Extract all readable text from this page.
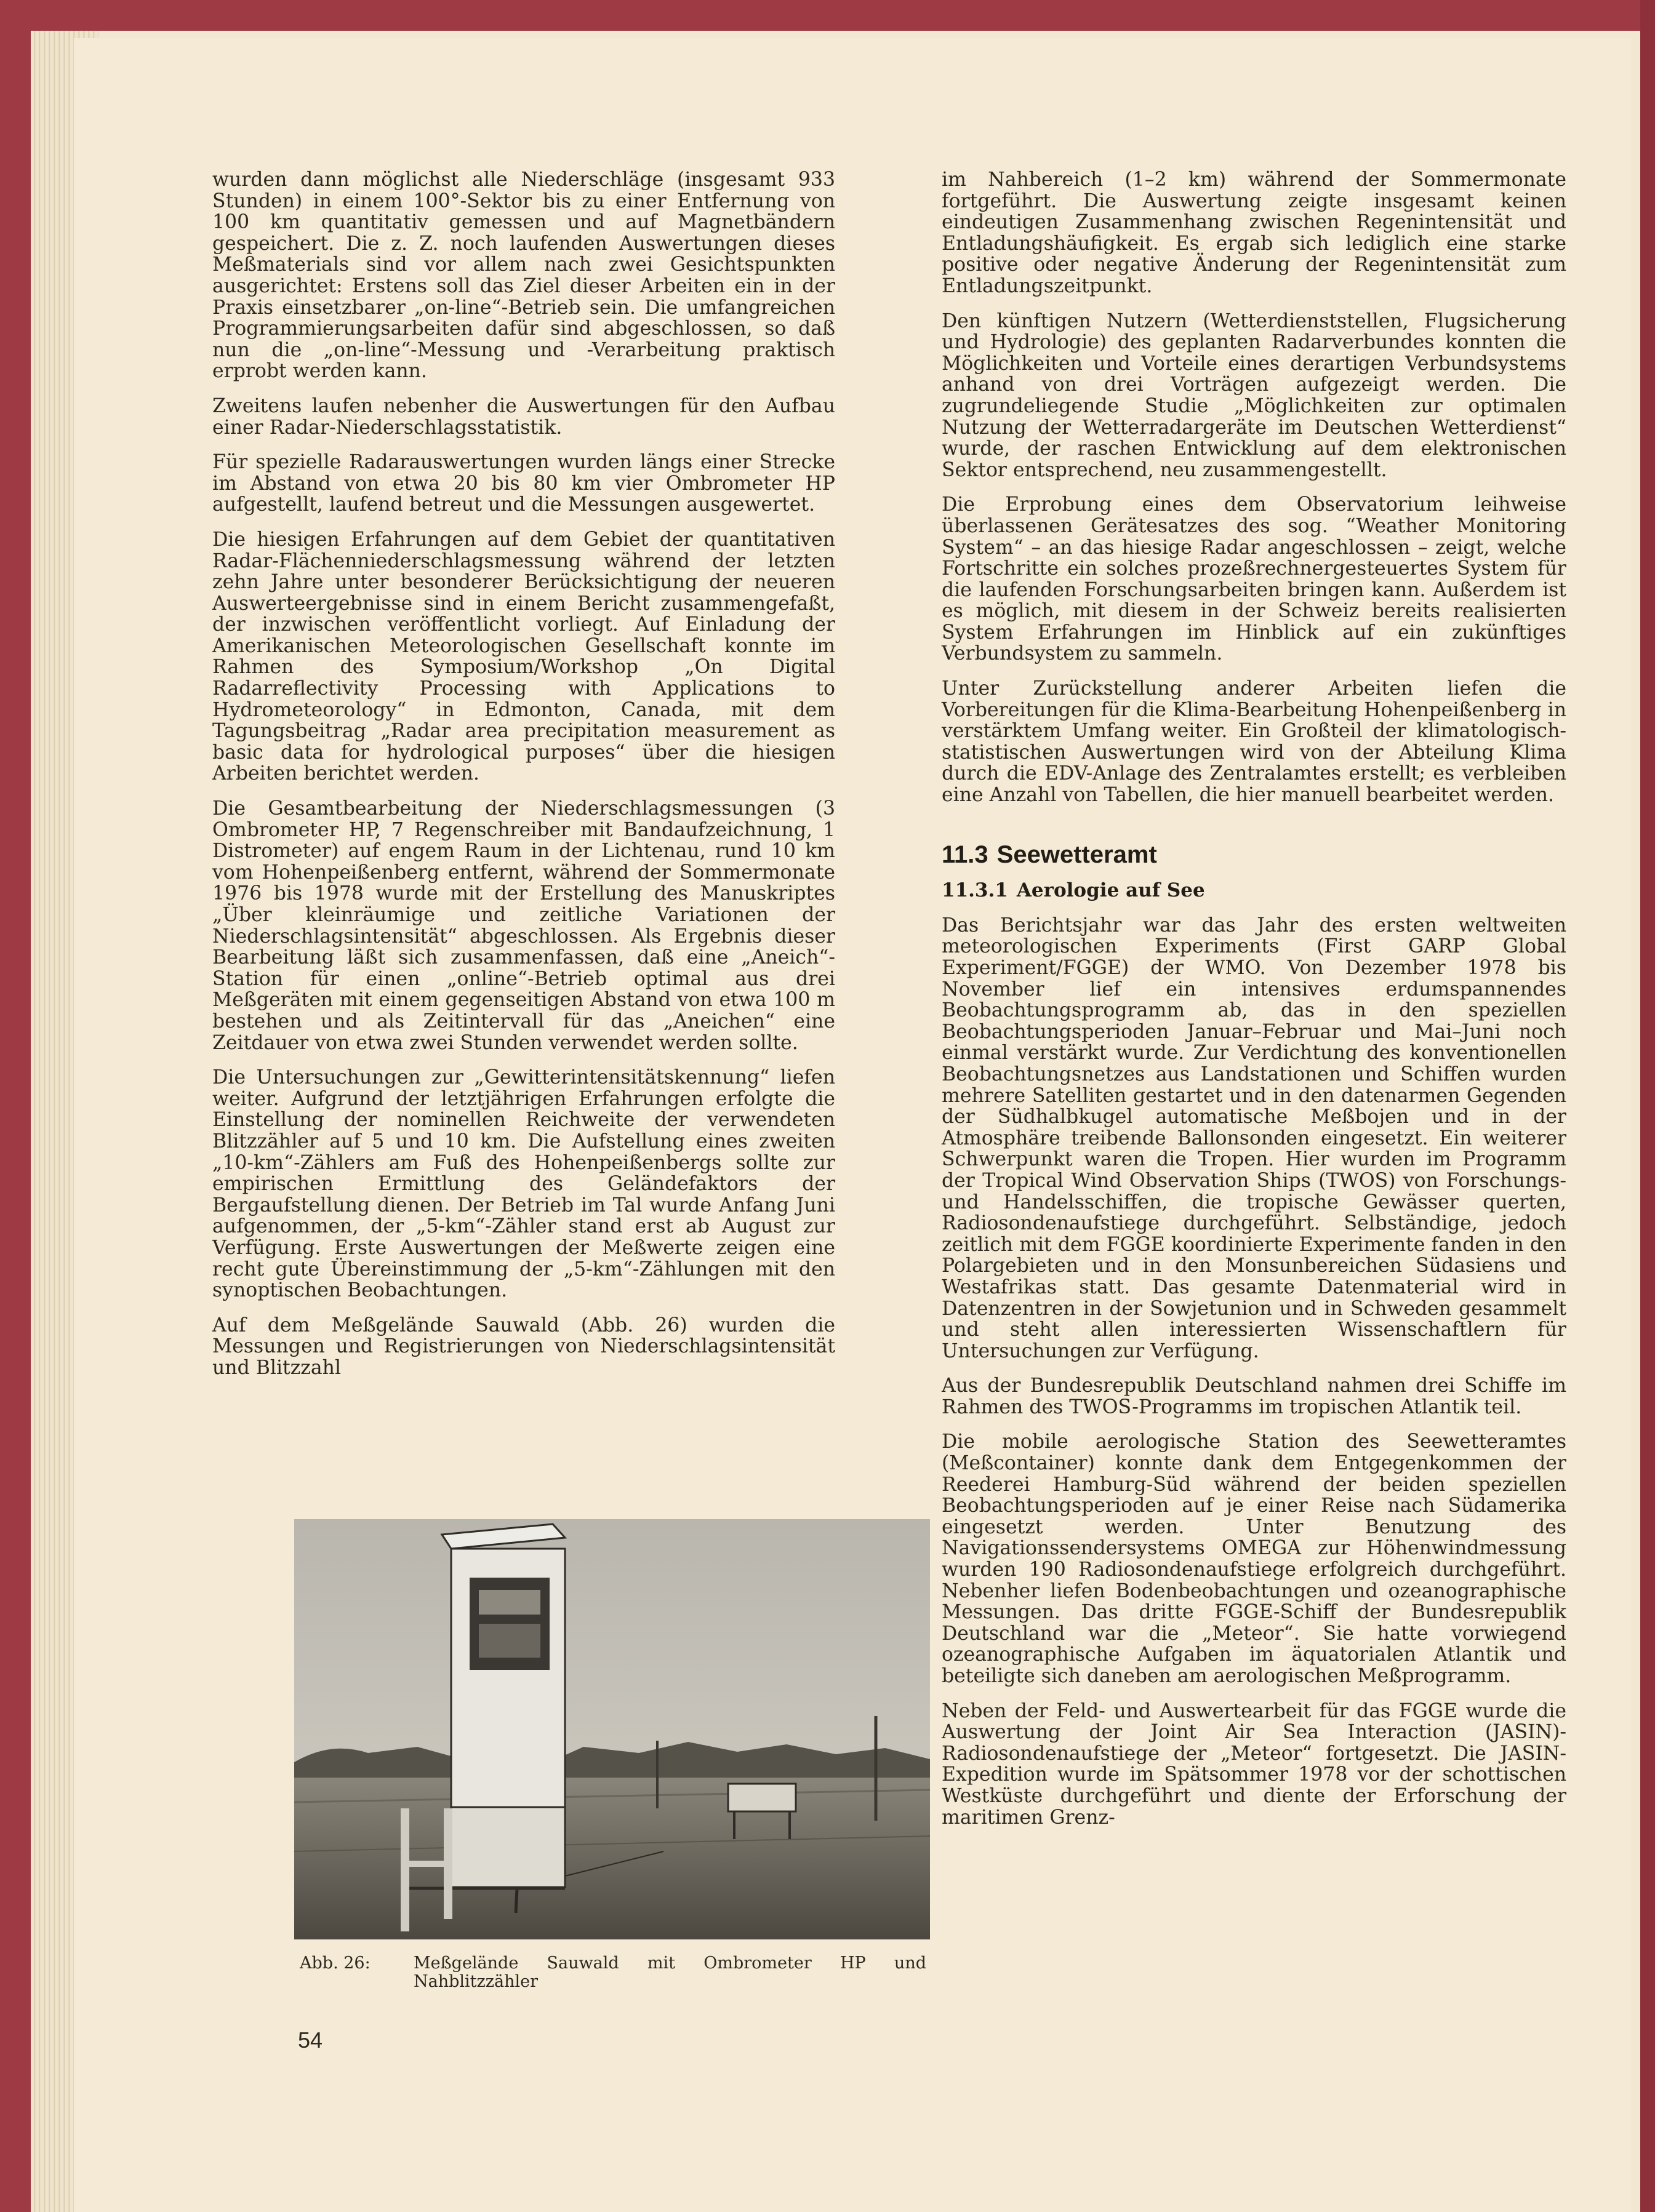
wurden dann möglichst alle Niederschläge (insgesamt 933 Stunden) in einem 100°-Sektor bis zu einer Entfernung von 100 km quantitativ gemessen und auf Magnetbändern gespeichert. Die z. Z. noch laufenden Auswertungen dieses Meßmaterials sind vor allem nach zwei Gesichtspunkten ausgerichtet: Erstens soll das Ziel dieser Arbeiten ein in der Praxis einsetzbarer „on-line“-Betrieb sein. Die umfangreichen Programmierungsarbeiten dafür sind abgeschlossen, so daß nun die „on-line“-Messung und -Verarbeitung praktisch erprobt werden kann.

Zweitens laufen nebenher die Auswertungen für den Aufbau einer Radar-Niederschlagsstatistik.

Für spezielle Radarauswertungen wurden längs einer Strecke im Abstand von etwa 20 bis 80 km vier Ombrometer HP aufgestellt, laufend betreut und die Messungen ausgewertet.

Die hiesigen Erfahrungen auf dem Gebiet der quantitativen Radar-Flächenniederschlagsmessung während der letzten zehn Jahre unter besonderer Berücksichtigung der neueren Auswerteergebnisse sind in einem Bericht zusammengefaßt, der inzwischen veröffentlicht vorliegt. Auf Einladung der Amerikanischen Meteorologischen Gesellschaft konnte im Rahmen des Symposium/Workshop „On Digital Radarreflectivity Processing with Applications to Hydrometeorology“ in Edmonton, Canada, mit dem Tagungsbeitrag „Radar area precipitation measurement as basic data for hydrological purposes“ über die hiesigen Arbeiten berichtet werden.

Die Gesamtbearbeitung der Niederschlagsmessungen (3 Ombrometer HP, 7 Regenschreiber mit Bandaufzeichnung, 1 Distrometer) auf engem Raum in der Lichtenau, rund 10 km vom Hohenpeißenberg entfernt, während der Sommermonate 1976 bis 1978 wurde mit der Erstellung des Manuskriptes „Über kleinräumige und zeitliche Variationen der Niederschlagsintensität“ abgeschlossen. Als Ergebnis dieser Bearbeitung läßt sich zusammenfassen, daß eine „Aneich“-Station für einen „online“-Betrieb optimal aus drei Meßgeräten mit einem gegenseitigen Abstand von etwa 100 m bestehen und als Zeitintervall für das „Aneichen“ eine Zeitdauer von etwa zwei Stunden verwendet werden sollte.

Die Untersuchungen zur „Gewitterintensitätskennung“ liefen weiter. Aufgrund der letztjährigen Erfahrungen erfolgte die Einstellung der nominellen Reichweite der verwendeten Blitzzähler auf 5 und 10 km. Die Aufstellung eines zweiten „10-km“-Zählers am Fuß des Hohenpeißenbergs sollte zur empirischen Ermittlung des Geländefaktors der Bergaufstellung dienen. Der Betrieb im Tal wurde Anfang Juni aufgenommen, der „5-km“-Zähler stand erst ab August zur Verfügung. Erste Auswertungen der Meßwerte zeigen eine recht gute Übereinstimmung der „5-km“-Zählungen mit den synoptischen Beobachtungen.

Auf dem Meßgelände Sauwald (Abb. 26) wurden die Messungen und Registrierungen von Niederschlagsintensität und Blitzzahl

Abb. 26:	Meßgelände Sauwald mit Ombrometer HP und Nahblitzzähler
54

im Nahbereich (1–2 km) während der Sommermonate fortgeführt. Die Auswertung zeigte insgesamt keinen eindeutigen Zusammenhang zwischen Regenintensität und Entladungshäufigkeit. Es ergab sich lediglich eine starke positive oder negative Änderung der Regenintensität zum Entladungszeitpunkt.

Den künftigen Nutzern (Wetterdienststellen, Flugsicherung und Hydrologie) des geplanten Radarverbundes konnten die Möglichkeiten und Vorteile eines derartigen Verbundsystems anhand von drei Vorträgen aufgezeigt werden. Die zugrundeliegende Studie „Möglichkeiten zur optimalen Nutzung der Wetterradargeräte im Deutschen Wetterdienst“ wurde, der raschen Entwicklung auf dem elektronischen Sektor entsprechend, neu zusammengestellt.

Die Erprobung eines dem Observatorium leihweise überlassenen Gerätesatzes des sog. “Weather Monitoring System“ – an das hiesige Radar angeschlossen – zeigt, welche Fortschritte ein solches prozeßrechnergesteuertes System für die laufenden Forschungsarbeiten bringen kann. Außerdem ist es möglich, mit diesem in der Schweiz bereits realisierten System Erfahrungen im Hinblick auf ein zukünftiges Verbundsystem zu sammeln.

Unter Zurückstellung anderer Arbeiten liefen die Vorbereitungen für die Klima-Bearbeitung Hohenpeißenberg in verstärktem Umfang weiter. Ein Großteil der klimatologisch-statistischen Auswertungen wird von der Abteilung Klima durch die EDV-Anlage des Zentralamtes erstellt; es verbleiben eine Anzahl von Tabellen, die hier manuell bearbeitet werden.

11.3 Seewetteramt
11.3.1 Aerologie auf See

Das Berichtsjahr war das Jahr des ersten weltweiten meteorologischen Experiments (First GARP Global Experiment/FGGE) der WMO. Von Dezember 1978 bis November lief ein intensives erdumspannendes Beobachtungsprogramm ab, das in den speziellen Beobachtungsperioden Januar–Februar und Mai–Juni noch einmal verstärkt wurde. Zur Verdichtung des konventionellen Beobachtungsnetzes aus Landstationen und Schiffen wurden mehrere Satelliten gestartet und in den datenarmen Gegenden der Südhalbkugel automatische Meßbojen und in der Atmosphäre treibende Ballonsonden eingesetzt. Ein weiterer Schwerpunkt waren die Tropen. Hier wurden im Programm der Tropical Wind Observation Ships (TWOS) von Forschungs- und Handelsschiffen, die tropische Gewässer querten, Radiosondenaufstiege durchgeführt. Selbständige, jedoch zeitlich mit dem FGGE koordinierte Experimente fanden in den Polargebieten und in den Monsunbereichen Südasiens und Westafrikas statt. Das gesamte Datenmaterial wird in Datenzentren in der Sowjetunion und in Schweden gesammelt und steht allen interessierten Wissenschaftlern für Untersuchungen zur Verfügung.

Aus der Bundesrepublik Deutschland nahmen drei Schiffe im Rahmen des TWOS-Programms im tropischen Atlantik teil.

Die mobile aerologische Station des Seewetteramtes (Meßcontainer) konnte dank dem Entgegenkommen der Reederei Hamburg-Süd während der beiden speziellen Beobachtungsperioden auf je einer Reise nach Südamerika eingesetzt werden. Unter Benutzung des Navigationssendersystems OMEGA zur Höhenwindmessung wurden 190 Radiosondenaufstiege erfolgreich durchgeführt. Nebenher liefen Bodenbeobachtungen und ozeanographische Messungen. Das dritte FGGE-Schiff der Bundesrepublik Deutschland war die „Meteor“. Sie hatte vorwiegend ozeanographische Aufgaben im äquatorialen Atlantik und beteiligte sich daneben am aerologischen Meßprogramm.

Neben der Feld- und Auswertearbeit für das FGGE wurde die Auswertung der Joint Air Sea Interaction (JASIN)-Radiosondenaufstiege der „Meteor“ fortgesetzt. Die JASIN-Expedition wurde im Spätsommer 1978 vor der schottischen Westküste durchgeführt und diente der Erforschung der maritimen Grenz-
